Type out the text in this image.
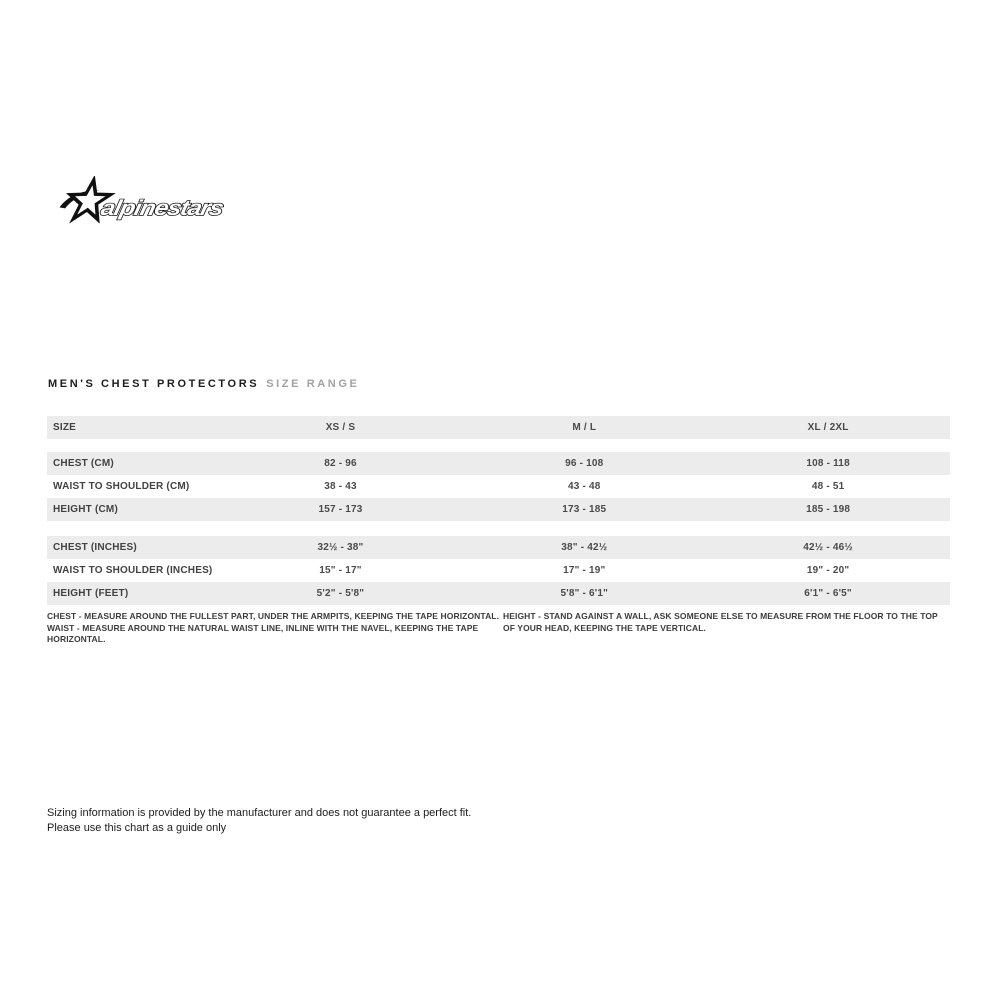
alpinestars
MEN'S CHEST PROTECTORS SIZE RANGE
SIZE	XS / S	M / L	XL / 2XL
CHEST (CM)	82 - 96	96 - 108	108 - 118
WAIST TO SHOULDER (CM)	38 - 43	43 - 48	48 - 51
HEIGHT (CM)	157 - 173	173 - 185	185 - 198
CHEST (INCHES)	32½ - 38"	38" - 42½	42½ - 46½
WAIST TO SHOULDER (INCHES)	15" - 17"	17" - 19"	19" - 20"
HEIGHT (FEET)	5'2" - 5'8"	5'8" - 6'1"	6'1" - 6'5"
CHEST - MEASURE AROUND THE FULLEST PART, UNDER THE ARMPITS, KEEPING THE TAPE HORIZONTAL.
WAIST - MEASURE AROUND THE NATURAL WAIST LINE, INLINE WITH THE NAVEL, KEEPING THE TAPE HORIZONTAL.
HEIGHT - STAND AGAINST A WALL, ASK SOMEONE ELSE TO MEASURE FROM THE FLOOR TO THE TOP OF YOUR HEAD, KEEPING THE TAPE VERTICAL.
Sizing information is provided by the manufacturer and does not guarantee a perfect fit.
Please use this chart as a guide only
